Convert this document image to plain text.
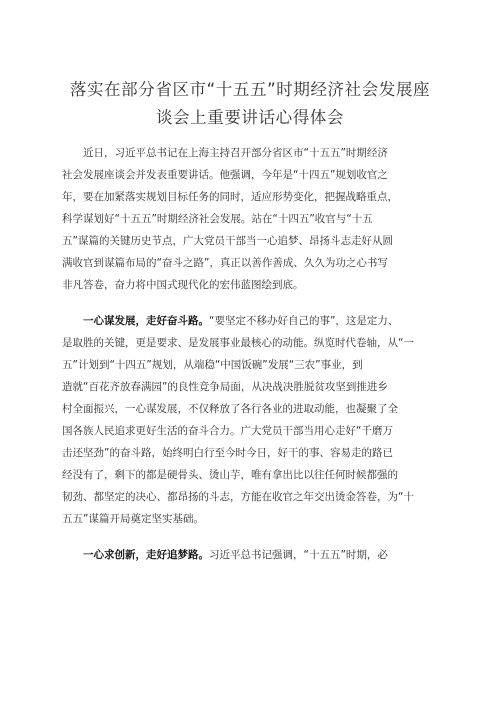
落实在部分省区市“十五五”时期经济社会发展座
谈会上重要讲话心得体会

近日，习近平总书记在上海主持召开部分省区市“十五五”时期经济
社会发展座谈会并发表重要讲话。他强调，今年是“十四五”规划收官之
年，要在加紧落实规划目标任务的同时，适应形势变化，把握战略重点，
科学谋划好“十五五”时期经济社会发展。站在“十四五”收官与“十五
五”谋篇的关键历史节点，广大党员干部当一心追梦、昂扬斗志走好从圆
满收官到谋篇布局的“奋斗之路”，真正以善作善成、久久为功之心书写
非凡答卷，奋力将中国式现代化的宏伟蓝图绘到底。

一心谋发展，走好奋斗路。“要坚定不移办好自己的事”，这是定力、
是取胜的关键，更是要求、是发展事业最核心的动能。纵览时代卷轴，从“一
五”计划到“十四五”规划，从端稳“中国饭碗”发展“三农”事业，到
造就“百花齐放春满园”的良性竞争局面，从决战决胜脱贫攻坚到推进乡
村全面振兴，一心谋发展，不仅释放了各行各业的进取动能，也凝聚了全
国各族人民追求更好生活的奋斗合力。广大党员干部当用心走好“千磨万
击还坚劲”的奋斗路，始终明白行至今时今日，好干的事、容易走的路已
经没有了，剩下的都是硬骨头、烫山芋，唯有拿出比以往任何时候都强的
韧劲、都坚定的决心、都昂扬的斗志，方能在收官之年交出烫金答卷，为“十
五五”谋篇开局奠定坚实基础。

一心求创新，走好追梦路。习近平总书记强调，“十五五”时期，必
